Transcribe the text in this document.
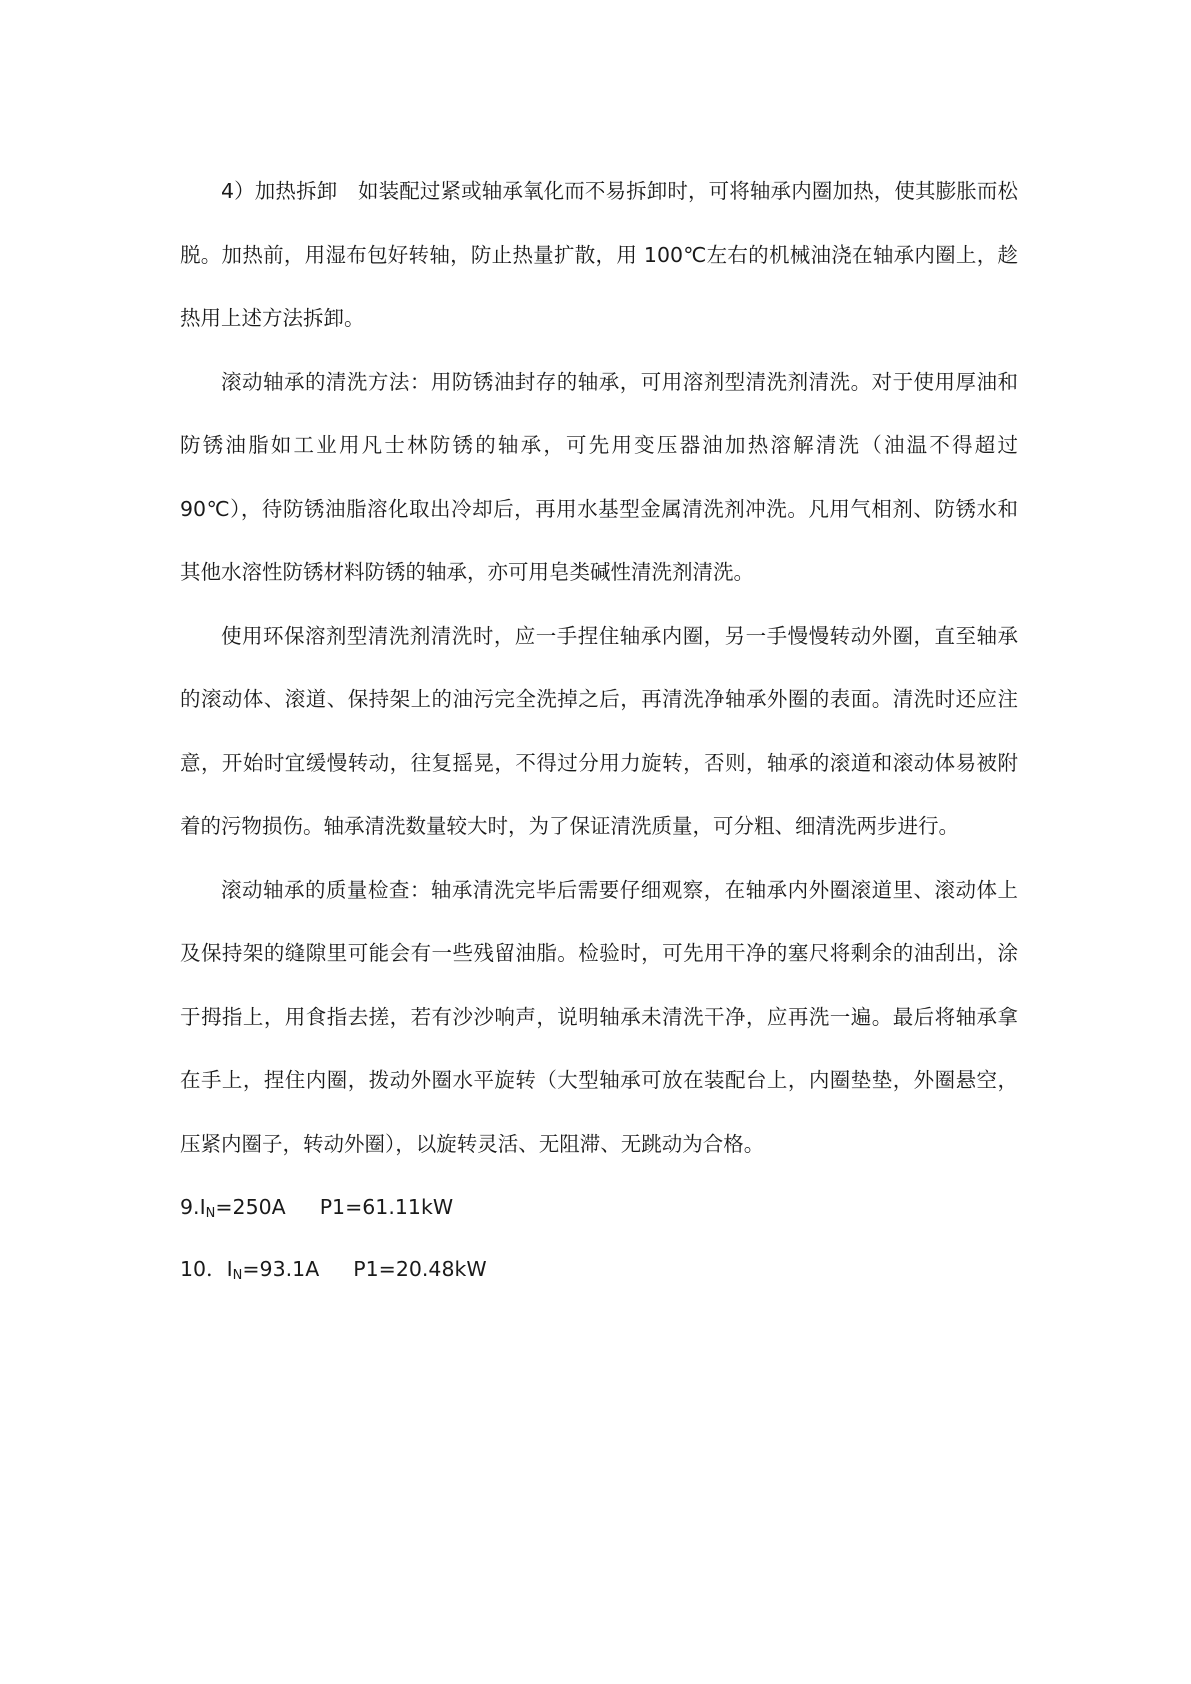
4）加热拆卸　如装配过紧或轴承氧化而不易拆卸时，可将轴承内圈加热，使其膨胀而松脱。加热前，用湿布包好转轴，防止热量扩散，用 100℃左右的机械油浇在轴承内圈上，趁热用上述方法拆卸。

滚动轴承的清洗方法：用防锈油封存的轴承，可用溶剂型清洗剂清洗。对于使用厚油和防锈油脂如工业用凡士林防锈的轴承，可先用变压器油加热溶解清洗（油温不得超过 90℃），待防锈油脂溶化取出冷却后，再用水基型金属清洗剂冲洗。凡用气相剂、防锈水和其他水溶性防锈材料防锈的轴承，亦可用皂类碱性清洗剂清洗。

使用环保溶剂型清洗剂清洗时，应一手捏住轴承内圈，另一手慢慢转动外圈，直至轴承的滚动体、滚道、保持架上的油污完全洗掉之后，再清洗净轴承外圈的表面。清洗时还应注意，开始时宜缓慢转动，往复摇晃，不得过分用力旋转，否则，轴承的滚道和滚动体易被附着的污物损伤。轴承清洗数量较大时，为了保证清洗质量，可分粗、细清洗两步进行。

滚动轴承的质量检查：轴承清洗完毕后需要仔细观察，在轴承内外圈滚道里、滚动体上及保持架的缝隙里可能会有一些残留油脂。检验时，可先用干净的塞尺将剩余的油刮出，涂于拇指上，用食指去搓，若有沙沙响声，说明轴承未清洗干净，应再洗一遍。最后将轴承拿在手上，捏住内圈，拨动外圈水平旋转（大型轴承可放在装配台上，内圈垫垫，外圈悬空，压紧内圈子，转动外圈），以旋转灵活、无阻滞、无跳动为合格。

$9.I_N=250A$ P1=61.11kW
10．$I_N=93.1A$ P1=20.48kW
